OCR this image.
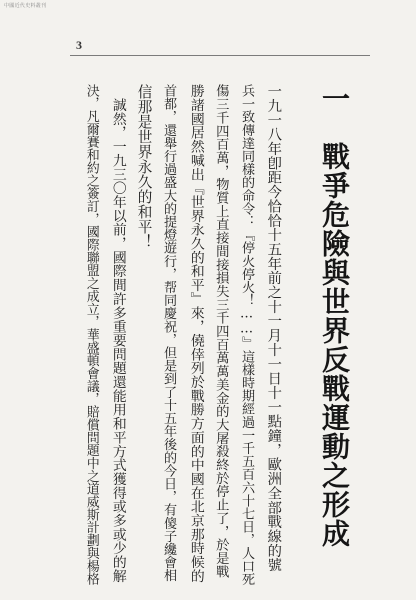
中國近代史料叢刊
3
一　戰爭危險與世界反戰運動之形成
一九一八年卽距今恰恰十五年前之十一月十一日十一點鐘，歐洲全部戰線的號
兵一致傳達同樣的命令：『停火停火！……』這樣時期經過一千五百六十七日，人口死
傷三千四百萬，物質上直接間接損失三千四百萬萬美金的大屠殺終於停止了，於是戰
勝諸國居然喊出『世界永久的和平』來，僥倖列於戰勝方面的中國在北京那時候的
首都，還舉行過盛大的提燈遊行，帮同慶祝，但是到了十五年後的今日，有傻子纔會相
信那是世界永久的和平！
　誠然，一九三〇年以前，國際間許多重要問題還能用和平方式獲得或多或少的解
決，凡爾賽和約之簽訂，國際聯盟之成立，華盛頓會議，賠償問題中之道威斯計劃與楊格
